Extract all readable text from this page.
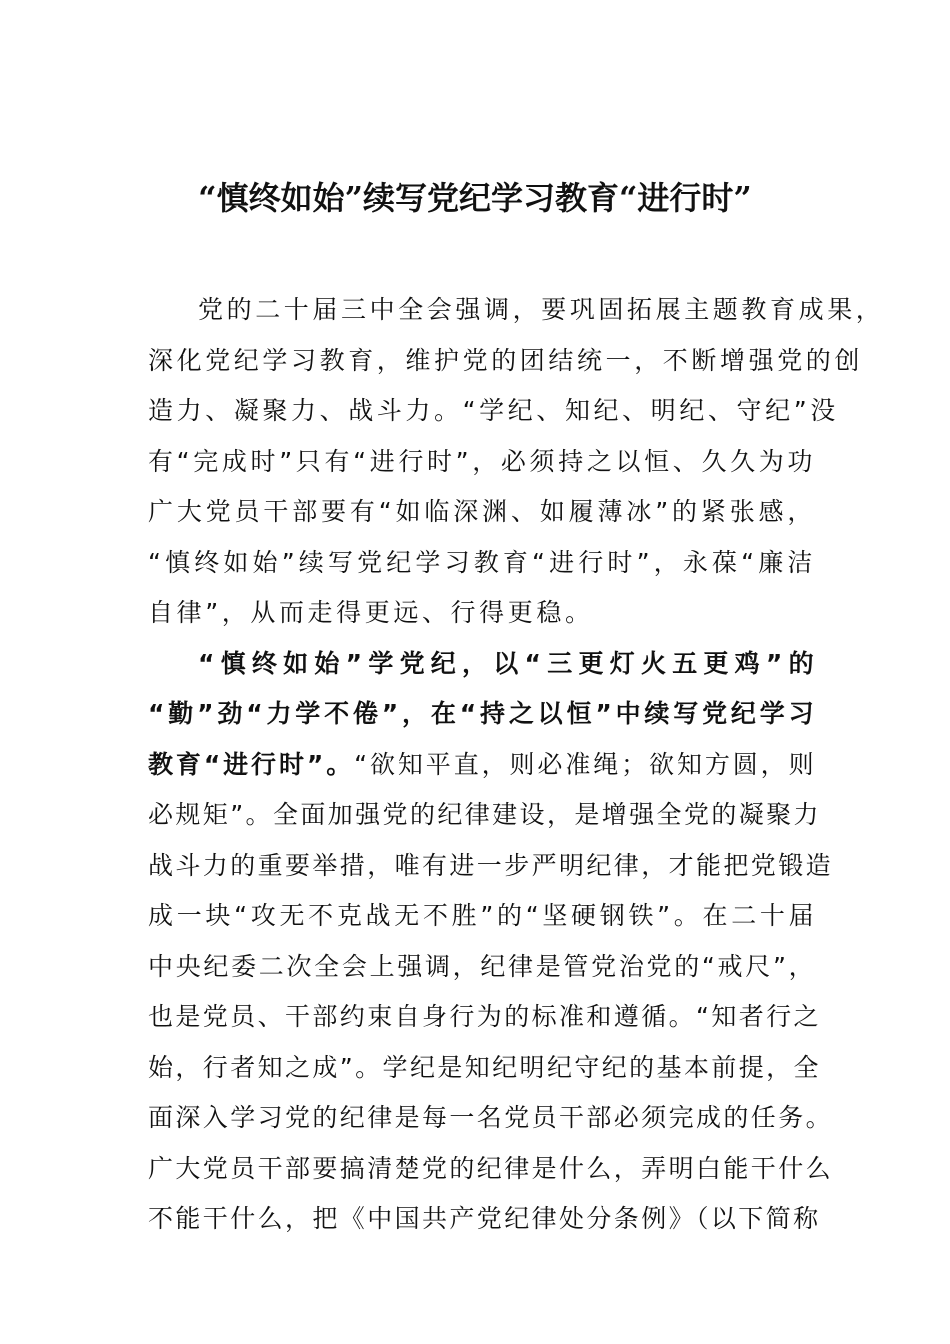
“慎终如始”续写党纪学习教育“进行时”
党的二十届三中全会强调，要巩固拓展主题教育成果，
深化党纪学习教育，维护党的团结统一，不断增强党的创
造力、凝聚力、战斗力。“学纪、知纪、明纪、守纪”没
有“完成时”只有“进行时”，必须持之以恒、久久为功
广大党员干部要有“如临深渊、如履薄冰”的紧张感，
“慎终如始”续写党纪学习教育“进行时”，永葆“廉洁
自律”，从而走得更远、行得更稳。
“慎终如始”学党纪，以“三更灯火五更鸡”的
“勤”劲“力学不倦”，在“持之以恒”中续写党纪学习
教育“进行时”。“欲知平直，则必准绳；欲知方圆，则
必规矩”。全面加强党的纪律建设，是增强全党的凝聚力
战斗力的重要举措，唯有进一步严明纪律，才能把党锻造
成一块“攻无不克战无不胜”的“坚硬钢铁”。在二十届
中央纪委二次全会上强调，纪律是管党治党的“戒尺”，
也是党员、干部约束自身行为的标准和遵循。“知者行之
始，行者知之成”。学纪是知纪明纪守纪的基本前提，全
面深入学习党的纪律是每一名党员干部必须完成的任务。
广大党员干部要搞清楚党的纪律是什么，弄明白能干什么
不能干什么，把《中国共产党纪律处分条例》（以下简称
